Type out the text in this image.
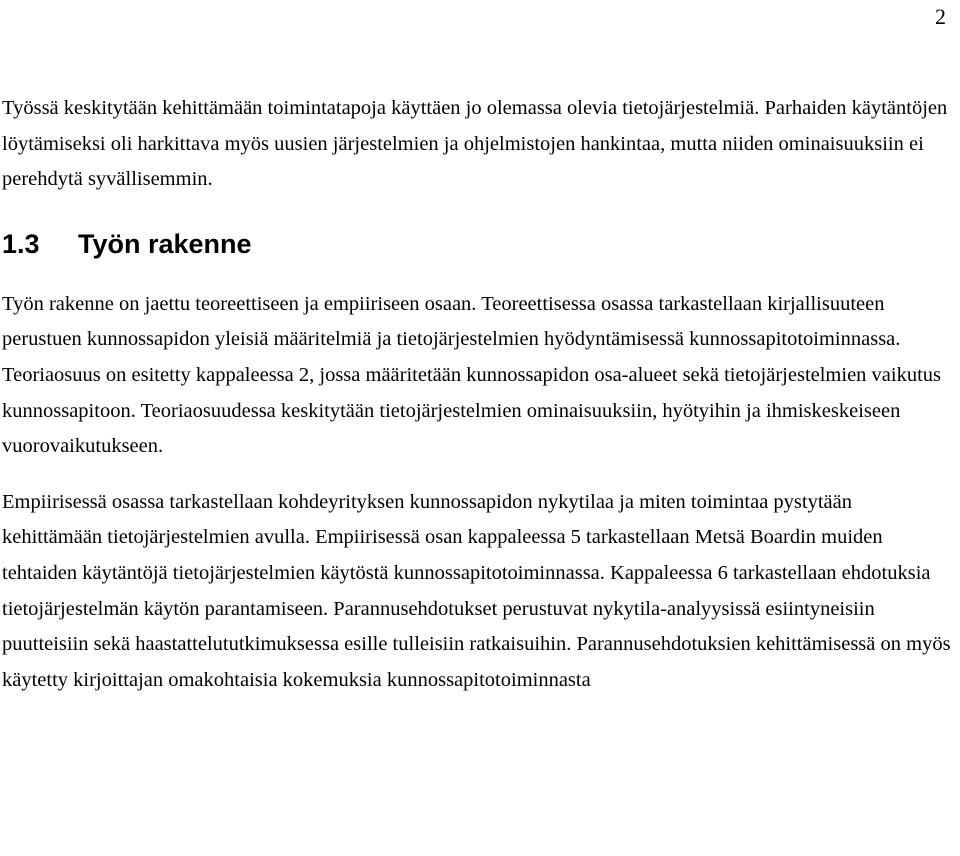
2

Työssä keskitytään kehittämään toimintatapoja käyttäen jo olemassa olevia tietojärjestelmiä. Parhaiden käytäntöjen löytämiseksi oli harkittava myös uusien järjestelmien ja ohjelmistojen hankintaa, mutta niiden ominaisuuksiin ei perehdytä syvällisemmin.

1.3 Työn rakenne

Työn rakenne on jaettu teoreettiseen ja empiiriseen osaan. Teoreettisessa osassa tarkastellaan kirjallisuuteen perustuen kunnossapidon yleisiä määritelmiä ja tietojärjestelmien hyödyntämisessä kunnossapitotoiminnassa. Teoriaosuus on esitetty kappaleessa 2, jossa määritetään kunnossapidon osa-alueet sekä tietojärjestelmien vaikutus kunnossapitoon. Teoriaosuudessa keskitytään tietojärjestelmien ominaisuuksiin, hyötyihin ja ihmiskeskeiseen vuorovaikutukseen.

Empiirisessä osassa tarkastellaan kohdeyrityksen kunnossapidon nykytilaa ja miten toimintaa pystytään kehittämään tietojärjestelmien avulla. Empiirisessä osan kappaleessa 5 tarkastellaan Metsä Boardin muiden tehtaiden käytäntöjä tietojärjestelmien käytöstä kunnossapitotoiminnassa. Kappaleessa 6 tarkastellaan ehdotuksia tietojärjestelmän käytön parantamiseen. Parannusehdotukset perustuvat nykytila-analyysissä esiintyneisiin puutteisiin sekä haastattelututkimuksessa esille tulleisiin ratkaisuihin. Parannusehdotuksien kehittämisessä on myös käytetty kirjoittajan omakohtaisia kokemuksia kunnossapitotoiminnasta
